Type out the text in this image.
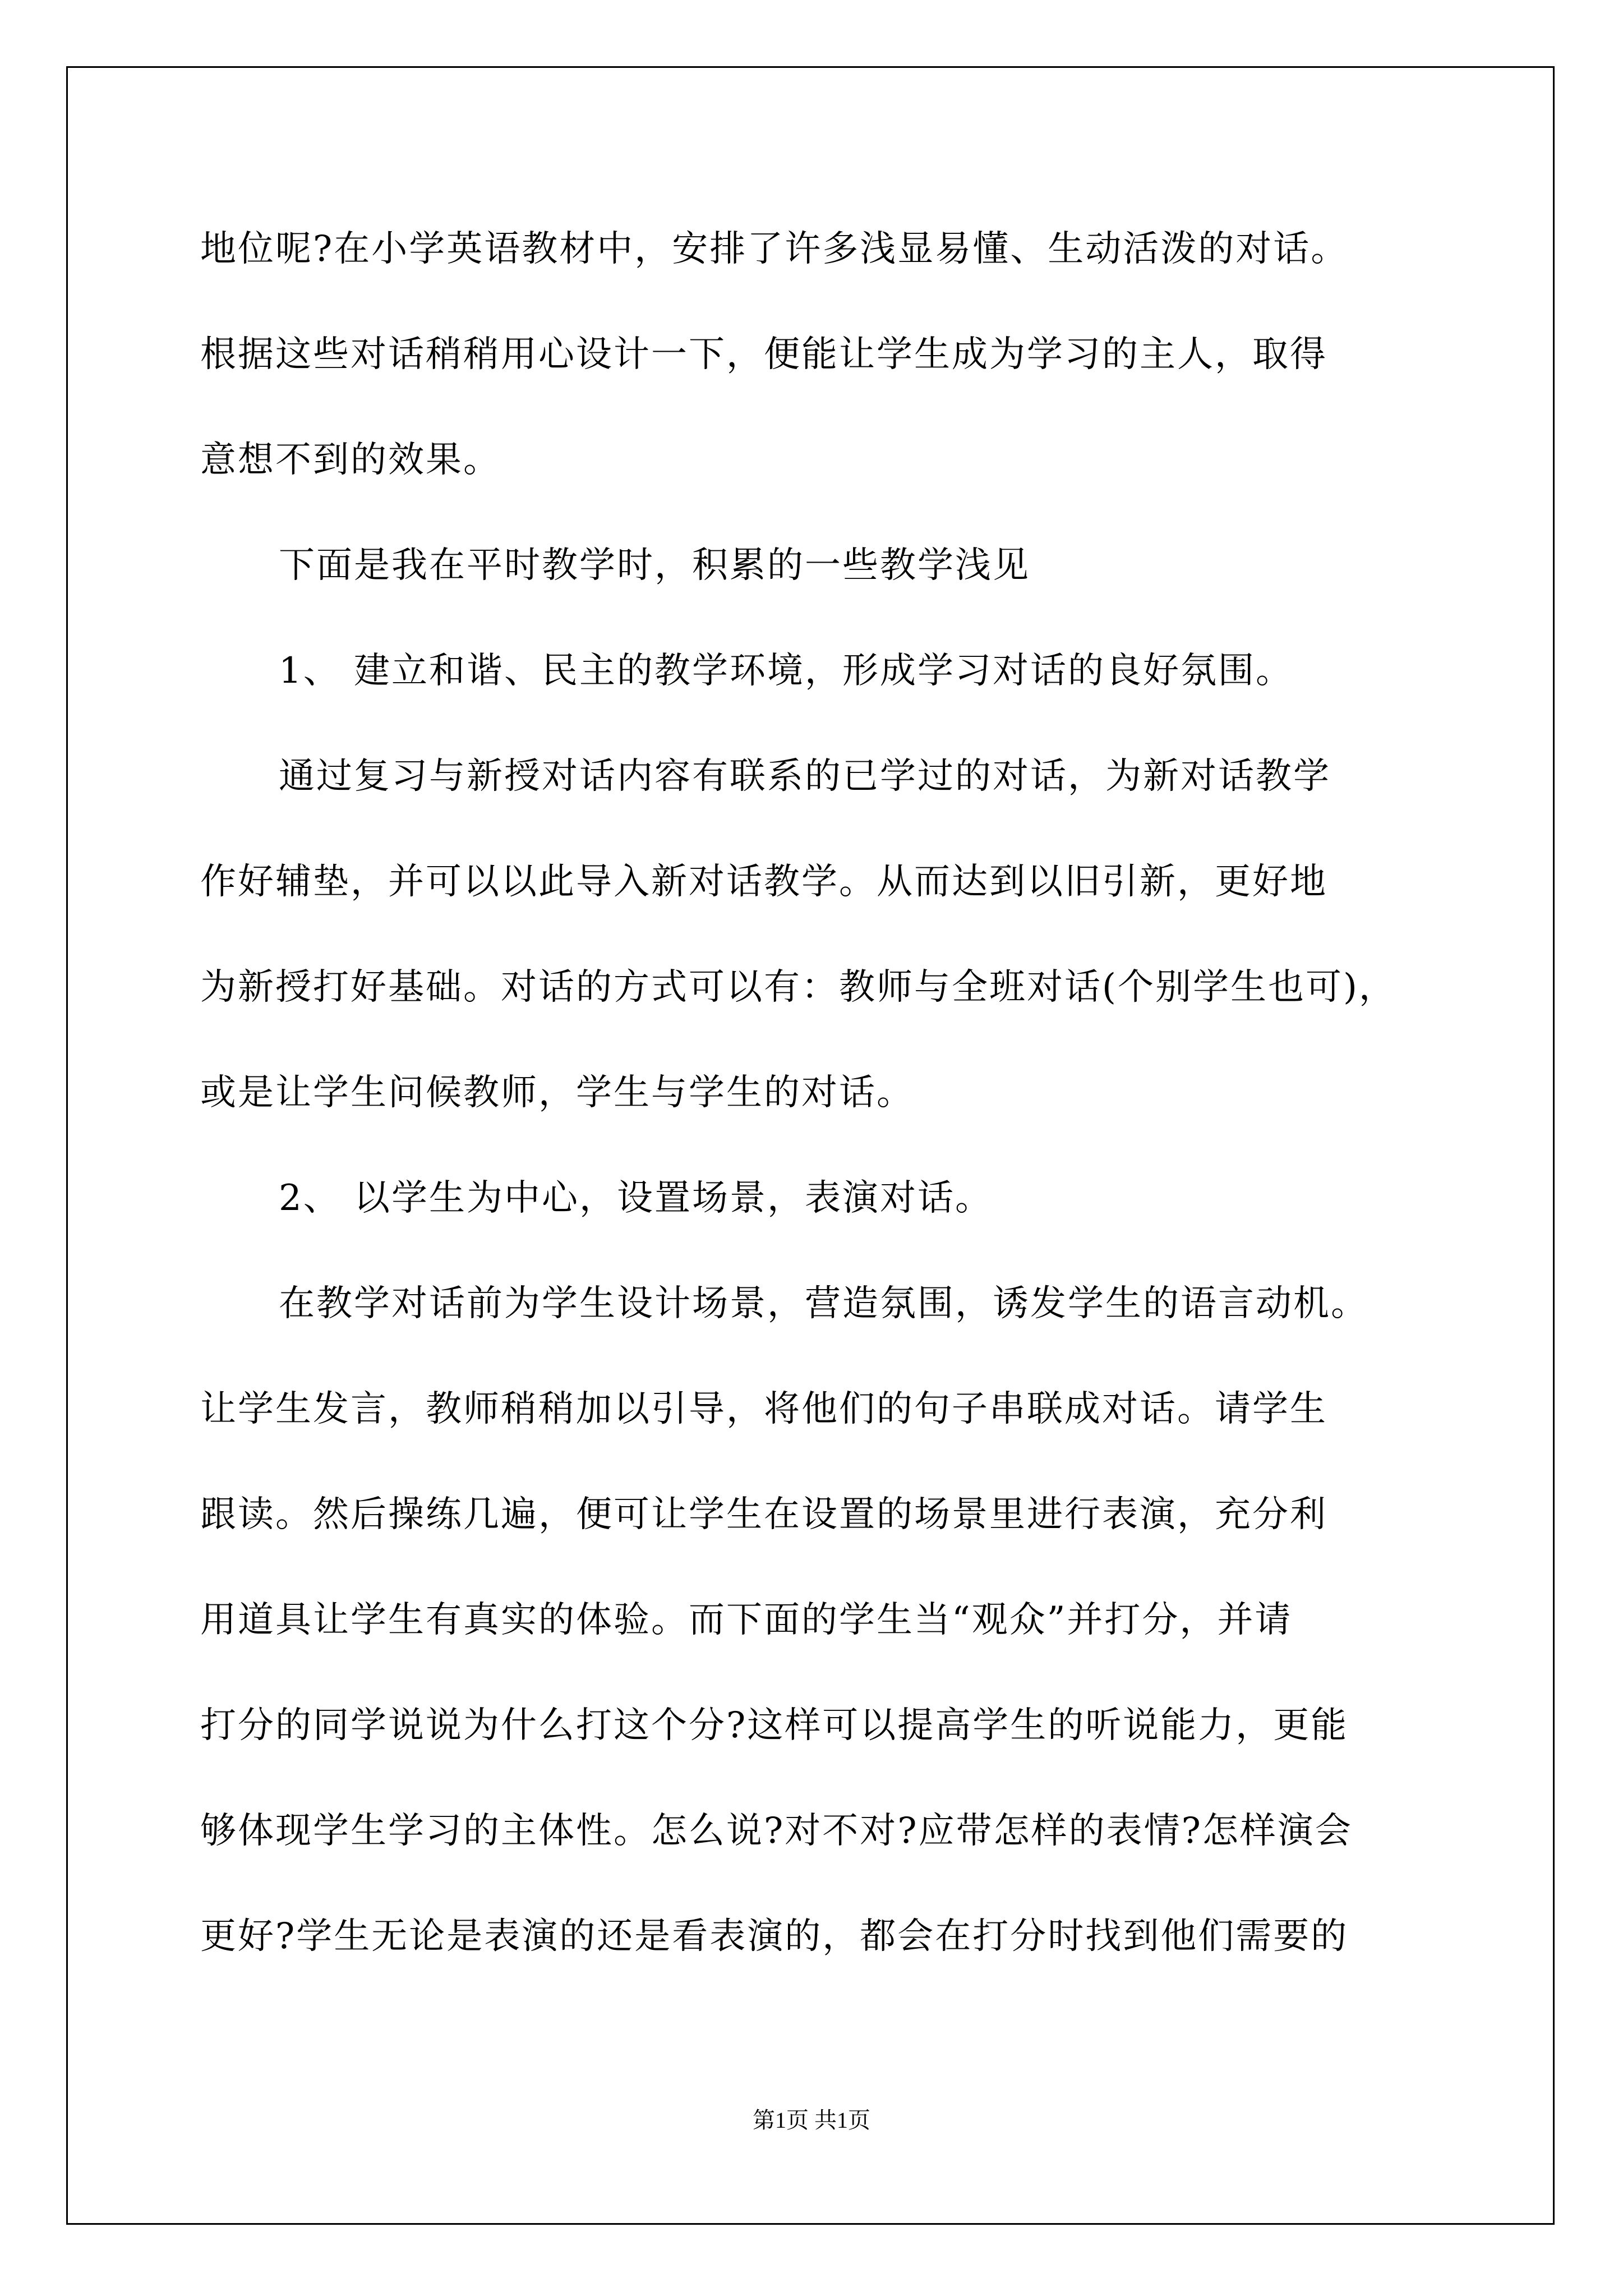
地位呢?在小学英语教材中，安排了许多浅显易懂、生动活泼的对话。
根据这些对话稍稍用心设计一下，便能让学生成为学习的主人，取得
意想不到的效果。
下面是我在平时教学时，积累的一些教学浅见
1、 建立和谐、民主的教学环境，形成学习对话的良好氛围。
通过复习与新授对话内容有联系的已学过的对话，为新对话教学
作好辅垫，并可以以此导入新对话教学。从而达到以旧引新，更好地
为新授打好基础。对话的方式可以有：教师与全班对话(个别学生也可)，
或是让学生问候教师，学生与学生的对话。
2、 以学生为中心，设置场景，表演对话。
在教学对话前为学生设计场景，营造氛围，诱发学生的语言动机。
让学生发言，教师稍稍加以引导，将他们的句子串联成对话。请学生
跟读。然后操练几遍，便可让学生在设置的场景里进行表演，充分利
用道具让学生有真实的体验。而下面的学生当“观众”并打分，并请
打分的同学说说为什么打这个分?这样可以提高学生的听说能力，更能
够体现学生学习的主体性。怎么说?对不对?应带怎样的表情?怎样演会
更好?学生无论是表演的还是看表演的，都会在打分时找到他们需要的
第1页 共1页
